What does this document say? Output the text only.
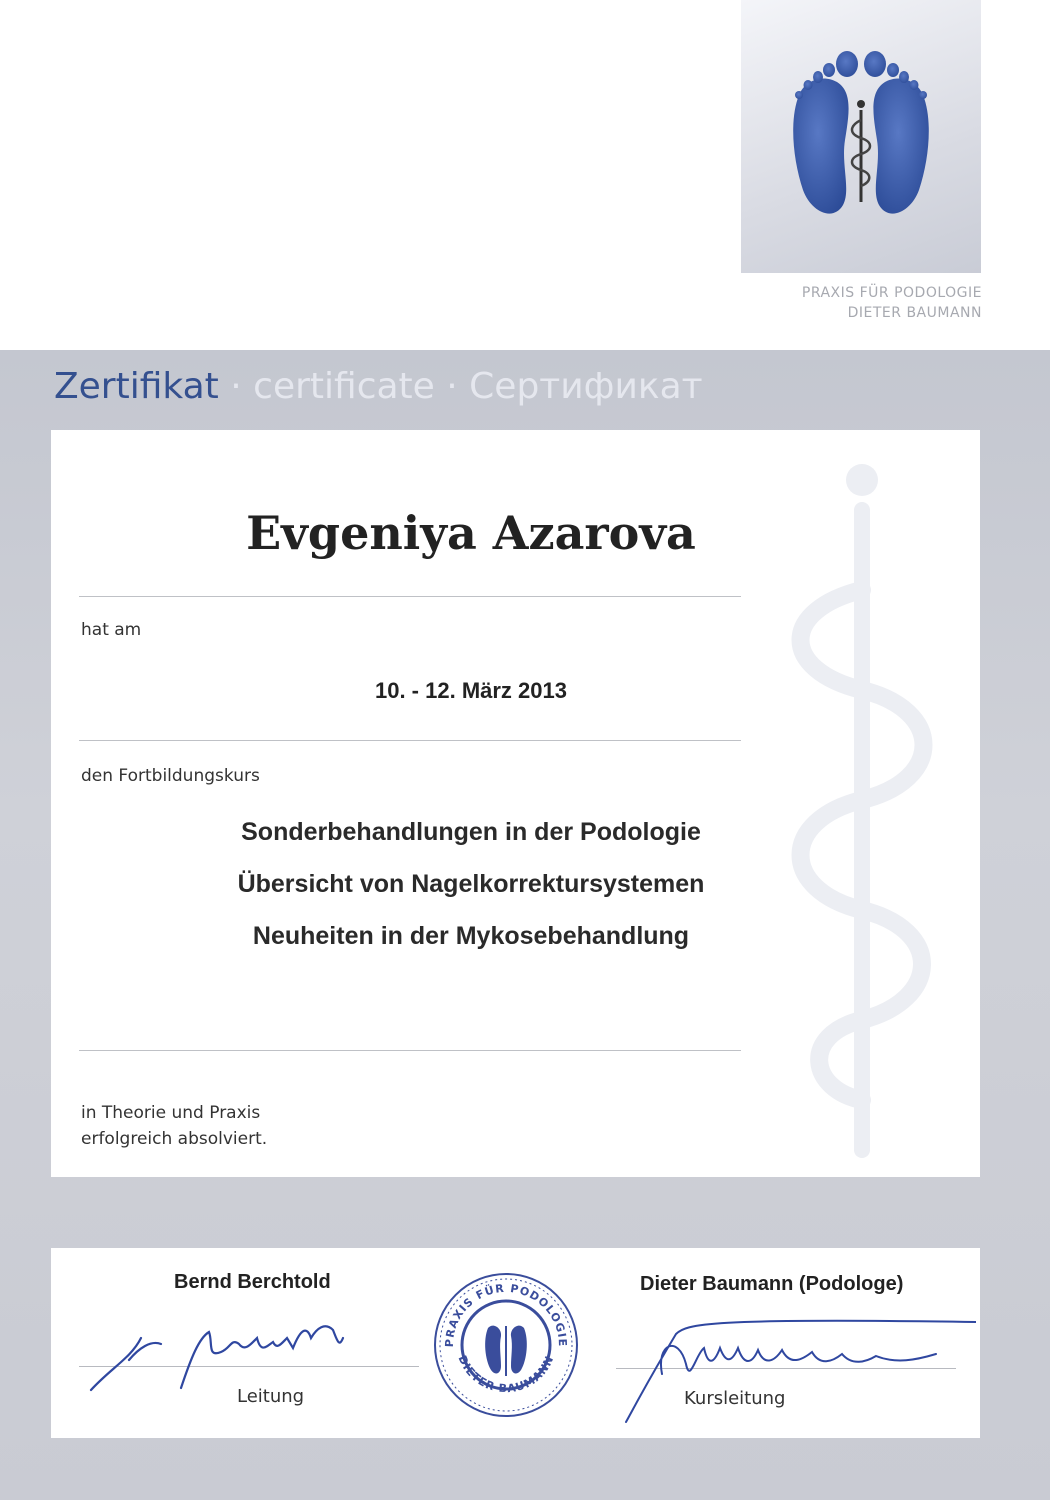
PRAXIS FÜR PODOLOGIE
DIETER BAUMANN
Zertifikat · certificate · Сертификат
Evgeniya Azarova
hat am
10. - 12. März 2013
den Fortbildungskurs
Sonderbehandlungen in der Podologie
Übersicht von Nagelkorrektursystemen
Neuheiten in der Mykosebehandlung
in Theorie und Praxis
erfolgreich absolviert.
Bernd Berchtold
Leitung
PRAXIS FÜR PODOLOGIE
DIETER BAUMANN
Dieter Baumann (Podologe)
Kursleitung
